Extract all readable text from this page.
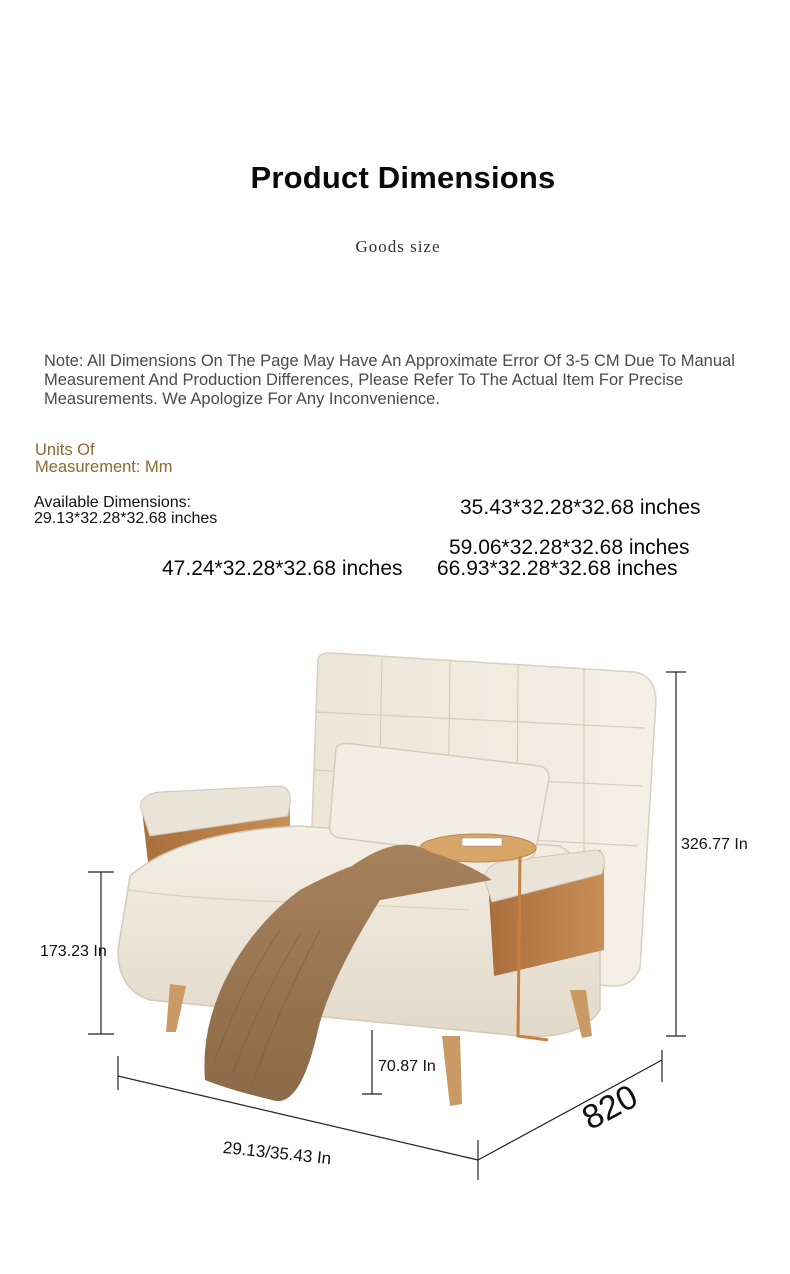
Product Dimensions
Goods size
Note: All Dimensions On The Page May Have An Approximate Error Of 3-5 CM Due To Manual Measurement And Production Differences, Please Refer To The Actual Item For Precise Measurements. We Apologize For Any Inconvenience.
Units Of
Measurement: Mm
Available Dimensions:
29.13*32.28*32.68 inches	35.43*32.28*32.68 inches
59.06*32.28*32.68 inches
47.24*32.28*32.68 inches 66.93*32.28*32.68 inches
326.77 In
173.23 In
70.87 In
29.13/35.43 In
820
